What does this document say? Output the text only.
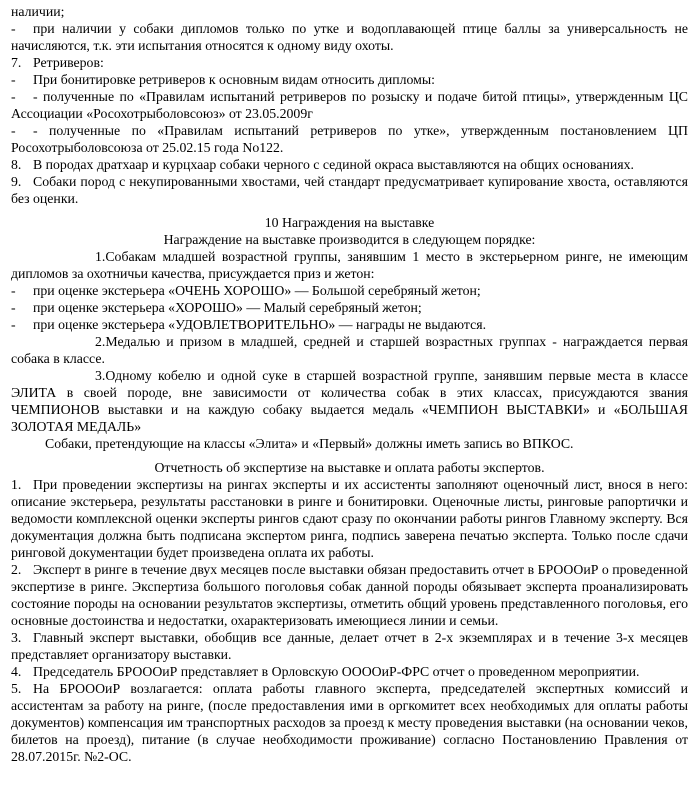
наличии;

- при наличии у собаки дипломов только по утке и водоплавающей птице баллы за универсальность не начисляются, т.к. эти испытания относятся к одному виду охоты.

7. Ретриверов:

- При бонитировке ретриверов к основным видам относить дипломы:

- - полученные по «Правилам испытаний ретриверов по розыску и подаче битой птицы», утвержденным ЦС Ассоциации «Росохотрыболовсоюз» от 23.05.2009г

- - полученные по «Правилам испытаний ретриверов по утке», утвержденным постановлением ЦП Росохотрыболовсоюза от 25.02.15 года No122.

8. В породах дратхаар и курцхаар собаки черного с сединой окраса выставляются на общих основаниях.

9. Собаки пород с некупированными хвостами, чей стандарт предусматривает купирование хвоста, оставляются без оценки.

10 Награждения на выставке

Награждение на выставке производится в следующем порядке:

1.Собакам младшей возрастной группы, занявшим 1 место в экстерьерном ринге, не имеющим дипломов за охотничьи качества, присуждается приз и жетон:

- при оценке экстерьера «ОЧЕНЬ ХОРОШО» — Большой серебряный жетон;

- при оценке экстерьера «ХОРОШО» — Малый серебряный жетон;

- при оценке экстерьера «УДОВЛЕТВОРИТЕЛЬНО» — награды не выдаются.

2.Медалью и призом в младшей, средней и старшей возрастных группах - награждается первая собака в классе.

3.Одному кобелю и одной суке в старшей возрастной группе, занявшим первые места в классе ЭЛИТА в своей породе, вне зависимости от количества собак в этих классах, присуждаются звания ЧЕМПИОНОВ выставки и на каждую собаку выдается медаль «ЧЕМПИОН ВЫСТАВКИ» и «БОЛЬШАЯ ЗОЛОТАЯ МЕДАЛЬ»

Собаки, претендующие на классы «Элита» и «Первый» должны иметь запись во ВПКОС.

Отчетность об экспертизе на выставке и оплата работы экспертов.

1. При проведении экспертизы на рингах эксперты и их ассистенты заполняют оценочный лист, внося в него: описание экстерьера, результаты расстановки в ринге и бонитировки. Оценочные листы, ринговые рапортички и ведомости комплексной оценки эксперты рингов сдают сразу по окончании работы рингов Главному эксперту. Вся документация должна быть подписана экспертом ринга, подпись заверена печатью эксперта. Только после сдачи ринговой документации будет произведена оплата их работы.

2. Эксперт в ринге в течение двух месяцев после выставки обязан предоставить отчет в БРОООиР о проведенной экспертизе в ринге. Экспертиза большого поголовья собак данной породы обязывает эксперта проанализировать состояние породы на основании результатов экспертизы, отметить общий уровень представленного поголовья, его основные достоинства и недостатки, охарактеризовать имеющиеся линии и семьи.

3. Главный эксперт выставки, обобщив все данные, делает отчет в 2-х экземплярах и в течение 3-х месяцев представляет организатору выставки.

4. Председатель БРОООиР представляет в Орловскую ООООиР-ФРС отчет о проведенном мероприятии.

5. На БРОООиР возлагается: оплата работы главного эксперта, председателей экспертных комиссий и ассистентам за работу на ринге, (после предоставления ими в оргкомитет всех необходимых для оплаты работы документов) компенсация им транспортных расходов за проезд к месту проведения выставки (на основании чеков, билетов на проезд), питание (в случае необходимости проживание) согласно Постановлению Правления от 28.07.2015г. №2-ОС.
